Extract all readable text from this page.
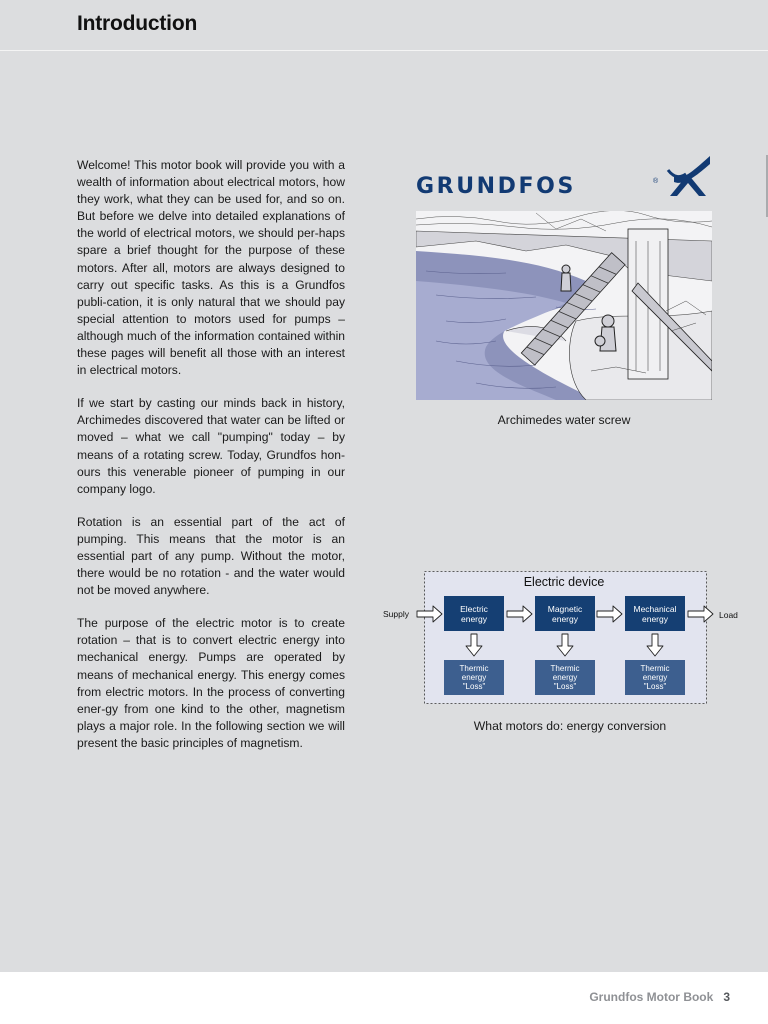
Introduction

Welcome! This motor book will provide you with a wealth of information about electrical motors, how they work, what they can be used for, and so on. But before we delve into detailed explanations of the world of electrical motors, we should per-haps spare a brief thought for the purpose of these motors. After all, motors are always designed to carry out specific tasks. As this is a Grundfos publi-cation, it is only natural that we should pay special attention to motors used for pumps – although much of the information contained within these pages will benefit all those with an interest in electrical motors.

If we start by casting our minds back in history, Archimedes discovered that water can be lifted or moved – what we call "pumping" today – by means of a rotating screw. Today, Grundfos hon-ours this venerable pioneer of pumping in our company logo.

Rotation is an essential part of the act of pumping. This means that the motor is an essential part of any pump. Without the motor, there would be no rotation - and the water would not be moved anywhere.

The purpose of the electric motor is to create rotation – that is to convert electric energy into mechanical energy. Pumps are operated by means of mechanical energy. This energy comes from electric motors. In the process of converting ener-gy from one kind to the other, magnetism plays a major role. In the following section we will present the basic principles of magnetism.

GRUNDFOS	®
Archimedes water screw
Electric device
Supply	Load
Electric
energy
Magnetic
energy
Mechanical
energy
Thermic
energy
"Loss"
Thermic
energy
"Loss"
Thermic
energy
"Loss"
What motors do: energy conversion
Grundfos Motor Book 3
